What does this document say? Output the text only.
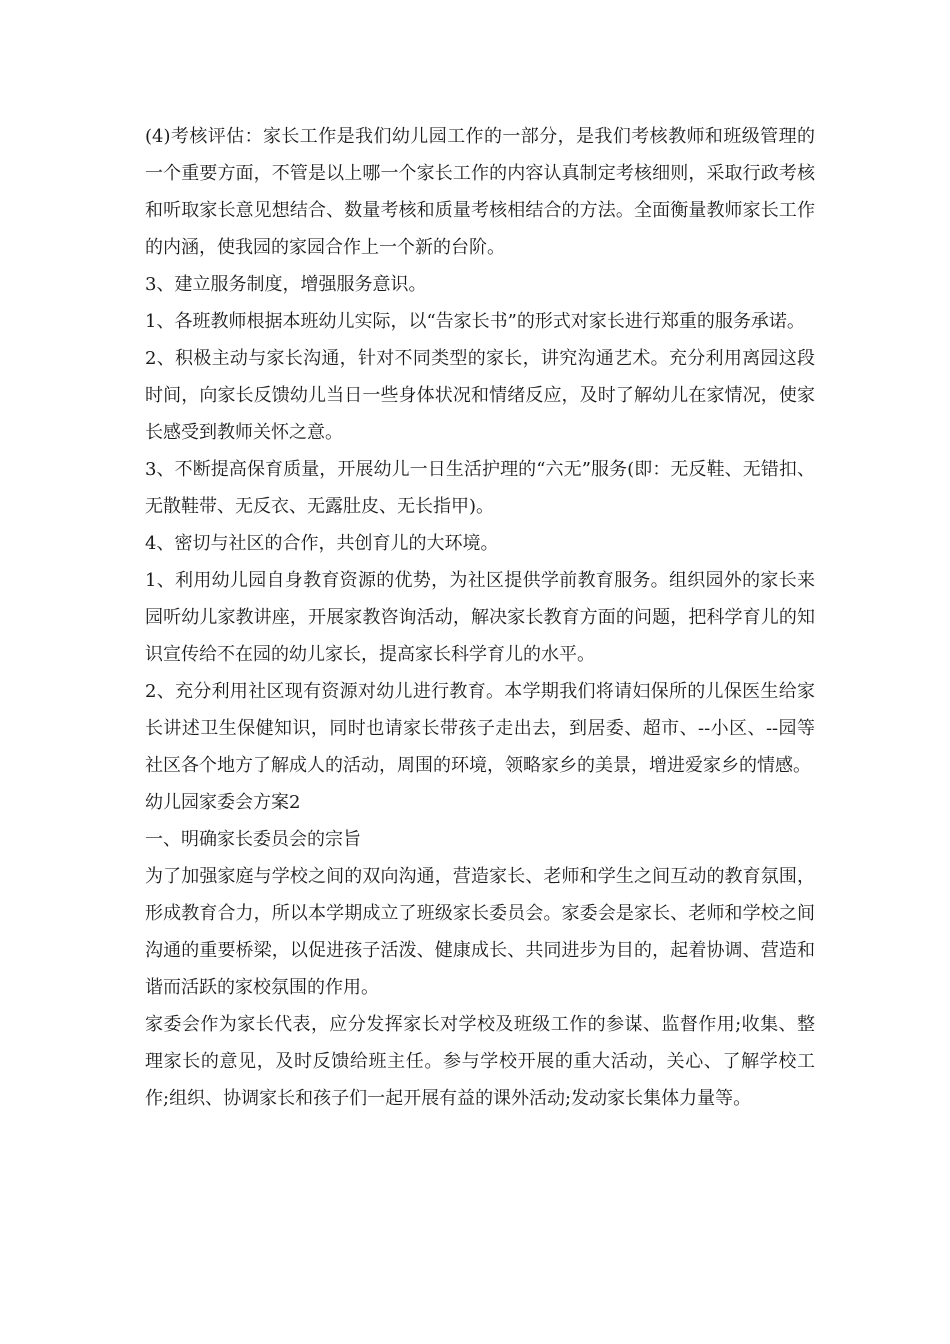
(4)考核评估：家长工作是我们幼儿园工作的一部分，是我们考核教师和班级管理的一个重要方面，不管是以上哪一个家长工作的内容认真制定考核细则，采取行政考核和听取家长意见想结合、数量考核和质量考核相结合的方法。全面衡量教师家长工作的内涵，使我园的家园合作上一个新的台阶。

3、建立服务制度，增强服务意识。

1、各班教师根据本班幼儿实际，以“告家长书”的形式对家长进行郑重的服务承诺。

2、积极主动与家长沟通，针对不同类型的家长，讲究沟通艺术。充分利用离园这段时间，向家长反馈幼儿当日一些身体状况和情绪反应，及时了解幼儿在家情况，使家长感受到教师关怀之意。

3、不断提高保育质量，开展幼儿一日生活护理的“六无”服务(即：无反鞋、无错扣、无散鞋带、无反衣、无露肚皮、无长指甲)。

4、密切与社区的合作，共创育儿的大环境。

1、利用幼儿园自身教育资源的优势，为社区提供学前教育服务。组织园外的家长来园听幼儿家教讲座，开展家教咨询活动，解决家长教育方面的问题，把科学育儿的知识宣传给不在园的幼儿家长，提高家长科学育儿的水平。

2、充分利用社区现有资源对幼儿进行教育。本学期我们将请妇保所的儿保医生给家长讲述卫生保健知识，同时也请家长带孩子走出去，到居委、超市、--小区、--园等社区各个地方了解成人的活动，周围的环境，领略家乡的美景，增进爱家乡的情感。

幼儿园家委会方案2

一、明确家长委员会的宗旨

为了加强家庭与学校之间的双向沟通，营造家长、老师和学生之间互动的教育氛围，形成教育合力，所以本学期成立了班级家长委员会。家委会是家长、老师和学校之间沟通的重要桥梁，以促进孩子活泼、健康成长、共同进步为目的，起着协调、营造和谐而活跃的家校氛围的作用。

家委会作为家长代表，应分发挥家长对学校及班级工作的参谋、监督作用;收集、整理家长的意见，及时反馈给班主任。参与学校开展的重大活动，关心、了解学校工作;组织、协调家长和孩子们一起开展有益的课外活动;发动家长集体力量等。
